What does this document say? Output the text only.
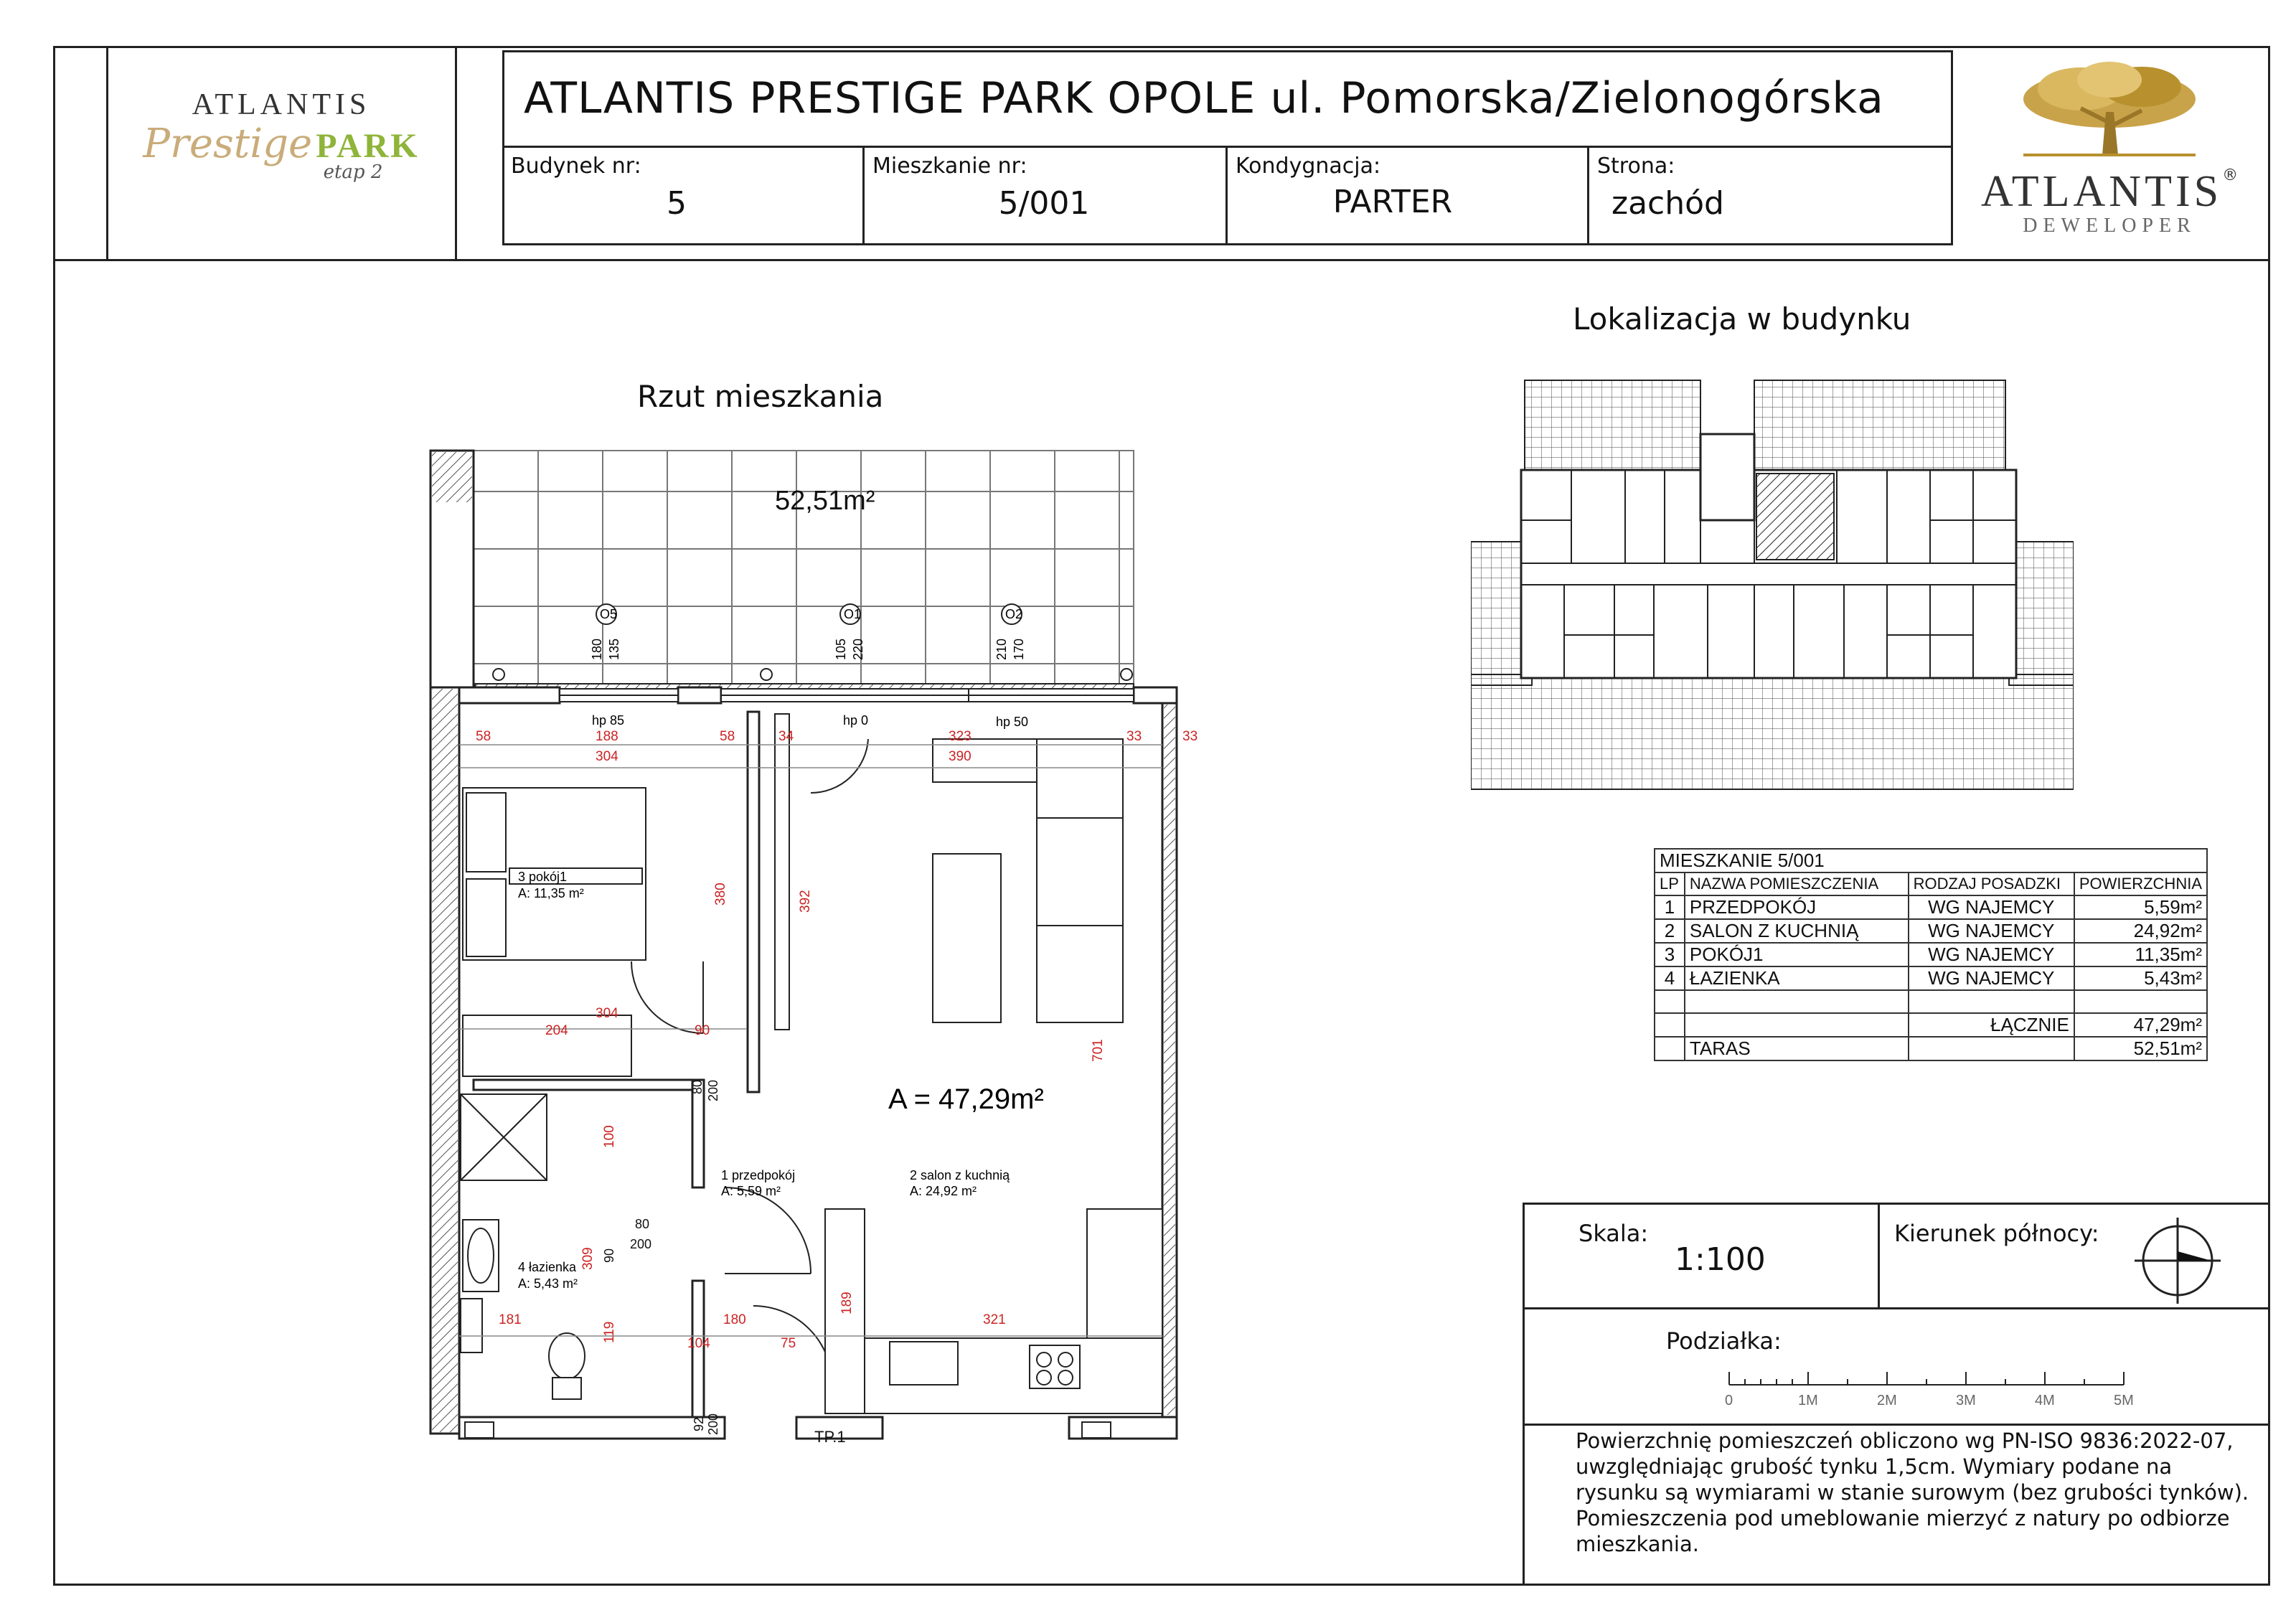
ATLANTIS
Prestige PARK
etap 2
ATLANTIS PRESTIGE PARK OPOLE ul. Pomorska/Zielonogórska
Budynek nr:
5
Mieszkanie nr:
5/001
Kondygnacja:
PARTER
Strona:
zachód	ATLANTIS®
DEWELOPER
Rzut mieszkania
Lokalizacja w budynku
52,51m²
O5	O1	O2
180 135	105 220	210 170
3 pokój1
A: 11,35 m²
4 łazienka
A: 5,43 m²
1 przedpokój
A: 5,59 m²
2 salon z kuchnią
A: 24,92 m²
A = 47,29m²
hp 85	hp 0	hp 50
58	188	58	34	323	33	33
304	390
304
204	90
181	180
104	75
321
380	392
701
100
309
119
189
80 200
90
80
200
92 200
TP.1
MIESZKANIE 5/001			
LP	NAZWA POMIESZCZENIA	RODZAJ POSADZKI	POWIERZCHNIA
1	PRZEDPOKÓJ	WG NAJEMCY	5,59m²
2	SALON Z KUCHNIĄ	WG NAJEMCY	24,92m²
3	POKÓJ1	WG NAJEMCY	11,35m²
4	ŁAZIENKA	WG NAJEMCY	5,43m²

		ŁĄCZNIE	47,29m²
	TARAS		52,51m²
Skala:
1:100
Kierunek północy:
Podziałka:
0	1M	2M	3M	4M	5M

Powierzchnię pomieszczeń obliczono wg PN-ISO 9836:2022-07,

uwzględniając grubość tynku 1,5cm. Wymiary podane na

rysunku są wymiarami w stanie surowym (bez grubości tynków).

Pomieszczenia pod umeblowanie mierzyć z natury po odbiorze

mieszkania.
